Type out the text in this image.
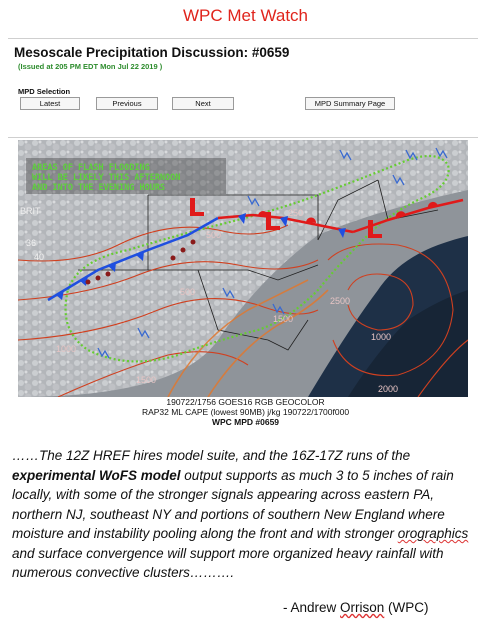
WPC Met Watch
Mesoscale Precipitation Discussion: #0659
(Issued at 205 PM EDT Mon Jul 22 2019 )
MPD Selection
Latest	Previous	Next	MPD Summary Page
AREAS OF FLASH FLOODING
WILL BE LIKELY THIS AFTERNOON
AND INTO THE EVENING HOURS
BRIT
36
40
250
500
500
1000
1000
1500
1500
2000
2500
190722/1756 GOES16 RGB GEOCOLOR
RAP32 ML CAPE (lowest 90MB) j/kg 190722/1700f000
WPC MPD #0659
……The 12Z HREF hires model suite, and the 16Z-17Z runs of the experimental WoFS model output supports as much 3 to 5 inches of rain locally, with some of the stronger signals appearing across eastern PA, northern NJ, southeast NY and portions of southern New England where moisture and instability pooling along the front and with stronger orographics and surface convergence will support more organized heavy rainfall with numerous convective clusters……….
- Andrew Orrison (WPC)
